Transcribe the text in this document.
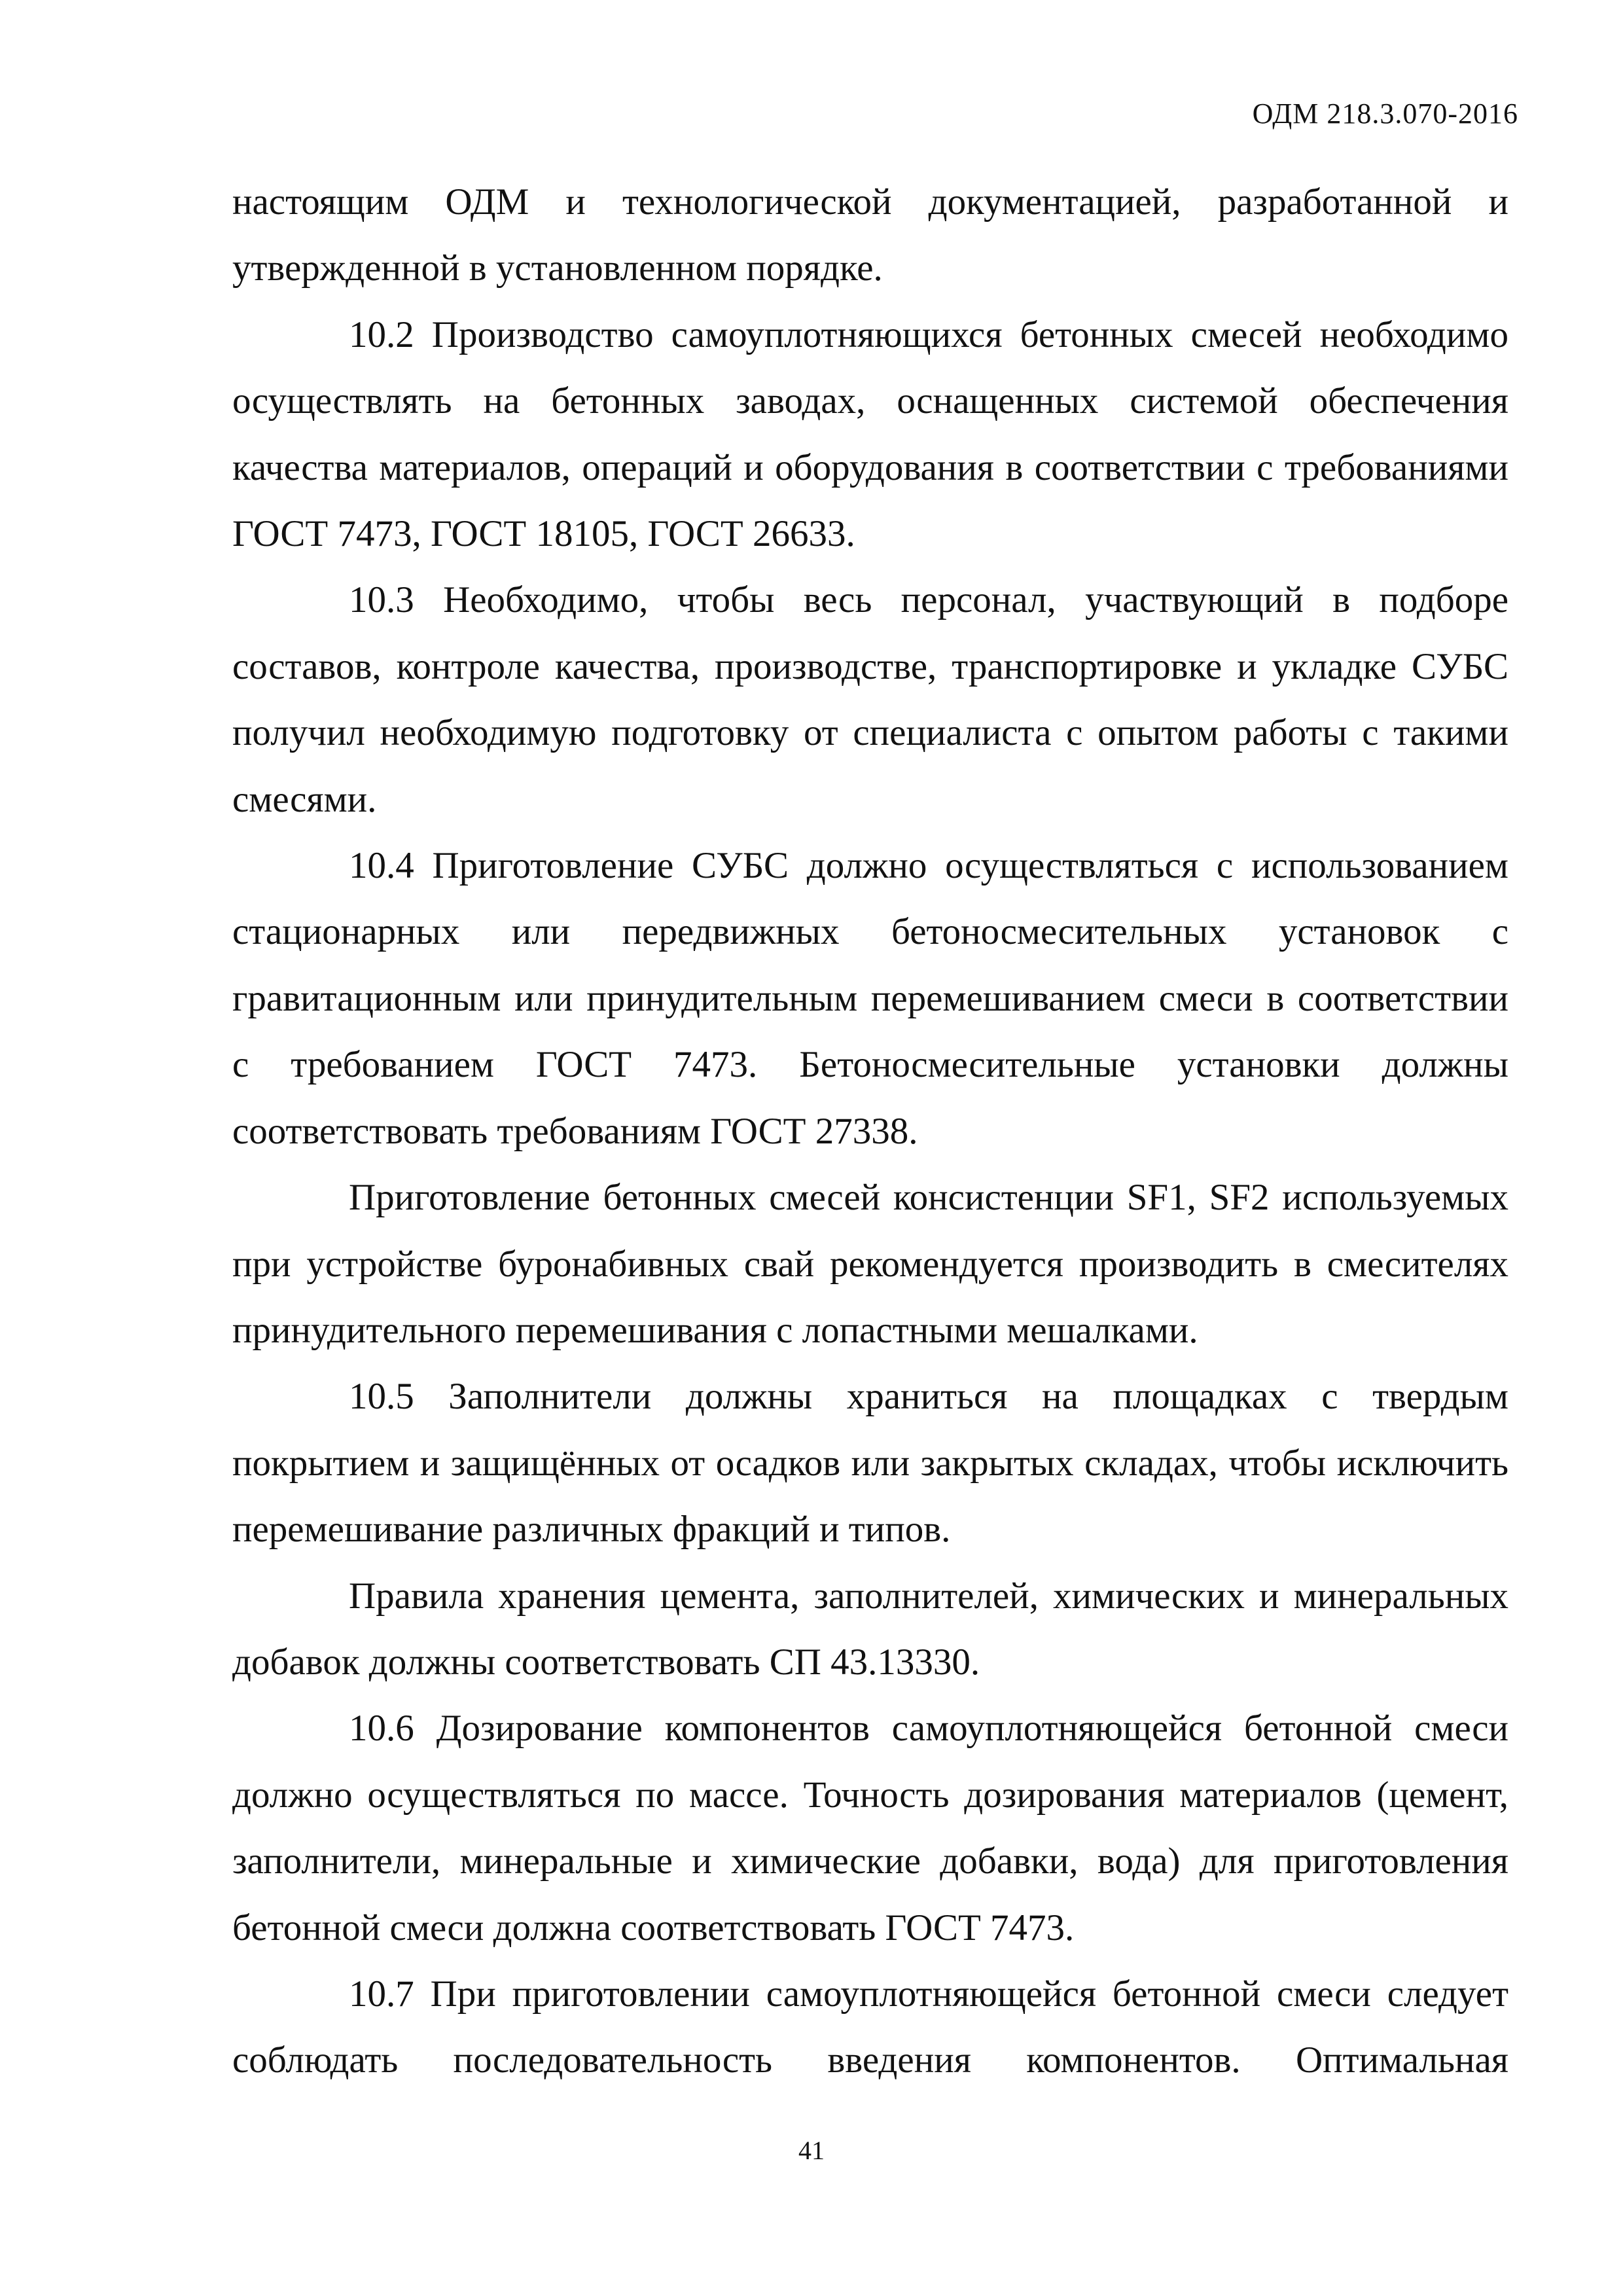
ОДМ 218.3.070-2016

настоящим ОДМ и технологической документацией, разработанной и утвержденной в установленном порядке.

10.2 Производство самоуплотняющихся бетонных смесей необходимо осуществлять на бетонных заводах, оснащенных системой обеспечения качества материалов, операций и оборудования в соответствии с требованиями ГОСТ 7473, ГОСТ 18105, ГОСТ 26633.

10.3 Необходимо, чтобы весь персонал, участвующий в подборе составов, контроле качества, производстве, транспортировке и укладке СУБС получил необходимую подготовку от специалиста с опытом работы с такими смесями.

10.4 Приготовление СУБС должно осуществляться с использованием стационарных или передвижных бетоносмесительных установок с гравитационным или принудительным перемешиванием смеси в соответствии с требованием ГОСТ 7473. Бетоносмесительные установки должны соответствовать требованиям ГОСТ 27338.

Приготовление бетонных смесей консистенции SF1, SF2 используемых при устройстве буронабивных свай рекомендуется производить в смесителях принудительного перемешивания с лопастными мешалками.

10.5 Заполнители должны храниться на площадках с твердым покрытием и защищённых от осадков или закрытых складах, чтобы исключить перемешивание различных фракций и типов.

Правила хранения цемента, заполнителей, химических и минеральных добавок должны соответствовать СП 43.13330.

10.6 Дозирование компонентов самоуплотняющейся бетонной смеси должно осуществляться по массе. Точность дозирования материалов (цемент, заполнители, минеральные и химические добавки, вода) для приготовления бетонной смеси должна соответствовать ГОСТ 7473.

10.7 При приготовлении самоуплотняющейся бетонной смеси следует соблюдать последовательность введения компонентов. Оптимальная

41
